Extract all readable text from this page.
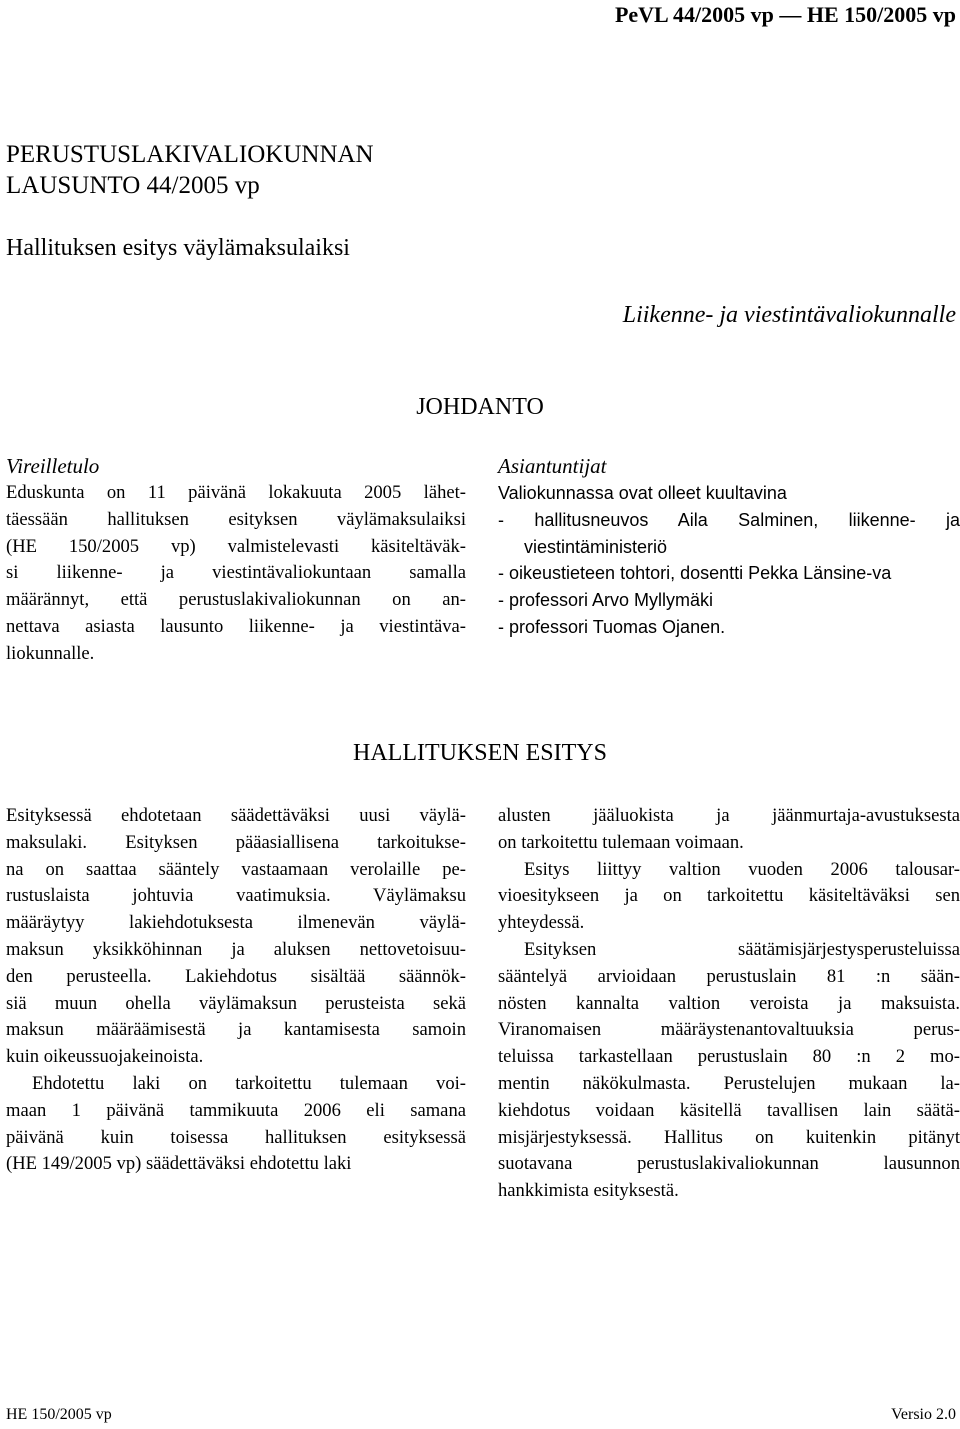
PeVL 44/2005 vp — HE 150/2005 vp
PERUSTUSLAKIVALIOKUNNAN
LAUSUNTO 44/2005 vp
Hallituksen esitys väylämaksulaiksi
Liikenne- ja viestintävaliokunnalle
JOHDANTO
Vireilletulo

Eduskunta on 11 päivänä lokakuuta 2005 lähet-
täessään hallituksen esityksen väylämaksulaiksi
(HE 150/2005 vp) valmistelevasti käsiteltäväk-
si liikenne- ja viestintävaliokuntaan samalla
määrännyt, että perustuslakivaliokunnan on an-
nettava asiasta lausunto liikenne- ja viestintäva-
liokunnalle.

Asiantuntijat
Valiokunnassa ovat olleet kuultavina
- hallitusneuvos Aila Salminen, liikenne- ja viestintäministeriö
- oikeustieteen tohtori, dosentti Pekka Länsine-va
- professori Arvo Myllymäki
- professori Tuomas Ojanen.
HALLITUKSEN ESITYS

Esityksessä ehdotetaan säädettäväksi uusi väylä-
maksulaki. Esityksen pääasiallisena tarkoitukse-
na on saattaa sääntely vastaamaan verolaille pe-
rustuslaista johtuvia vaatimuksia. Väylämaksu
määräytyy lakiehdotuksesta ilmenevän väylä-
maksun yksikköhinnan ja aluksen nettovetoisuu-
den perusteella. Lakiehdotus sisältää säännök-
siä muun ohella väylämaksun perusteista sekä
maksun määräämisestä ja kantamisesta samoin
kuin oikeussuojakeinoista.

Ehdotettu laki on tarkoitettu tulemaan voi-
maan 1 päivänä tammikuuta 2006 eli samana
päivänä kuin toisessa hallituksen esityksessä
(HE 149/2005 vp) säädettäväksi ehdotettu laki

alusten jääluokista ja jäänmurtaja-avustuksesta
on tarkoitettu tulemaan voimaan.

Esitys liittyy valtion vuoden 2006 talousar-
vioesitykseen ja on tarkoitettu käsiteltäväksi sen
yhteydessä.

Esityksen säätämisjärjestysperusteluissa
sääntelyä arvioidaan perustuslain 81 :n sään-
nösten kannalta valtion veroista ja maksuista.
Viranomaisen määräystenantovaltuuksia perus-
teluissa tarkastellaan perustuslain 80 :n 2 mo-
mentin näkökulmasta. Perustelujen mukaan la-
kiehdotus voidaan käsitellä tavallisen lain säätä-
misjärjestyksessä. Hallitus on kuitenkin pitänyt
suotavana perustuslakivaliokunnan lausunnon
hankkimista esityksestä.

HE 150/2005 vp	Versio 2.0
